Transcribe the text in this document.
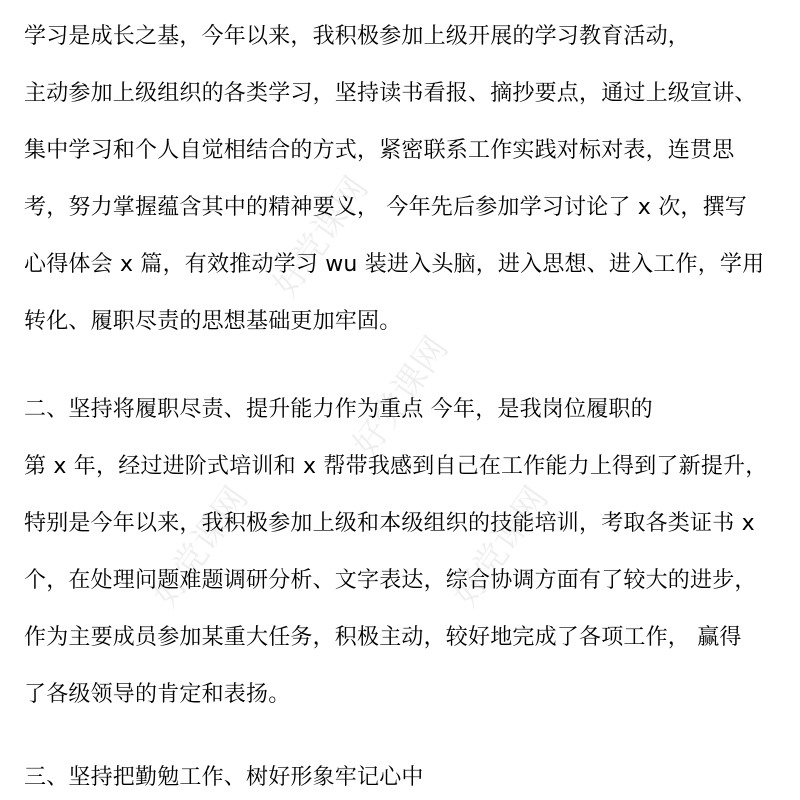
好党课网
好党课网
好党课网	好党课网
学习是成长之基，今年以来，我积极参加上级开展的学习教育活动，
主动参加上级组织的各类学习，坚持读书看报、摘抄要点，通过上级宣讲、
集中学习和个人自觉相结合的方式，紧密联系工作实践对标对表，连贯思
考，努力掌握蕴含其中的精神要义， 今年先后参加学习讨论了 x 次，撰写
心得体会 x 篇，有效推动学习 wu 装进入头脑，进入思想、进入工作，学用
转化、履职尽责的思想基础更加牢固。
二、坚持将履职尽责、提升能力作为重点 今年，是我岗位履职的
第 x 年，经过进阶式培训和 x 帮带我感到自己在工作能力上得到了新提升，
特别是今年以来，我积极参加上级和本级组织的技能培训，考取各类证书 x
个，在处理问题难题调研分析、文字表达，综合协调方面有了较大的进步，
作为主要成员参加某重大任务，积极主动，较好地完成了各项工作， 赢得
了各级领导的肯定和表扬。
三、坚持把勤勉工作、树好形象牢记心中
